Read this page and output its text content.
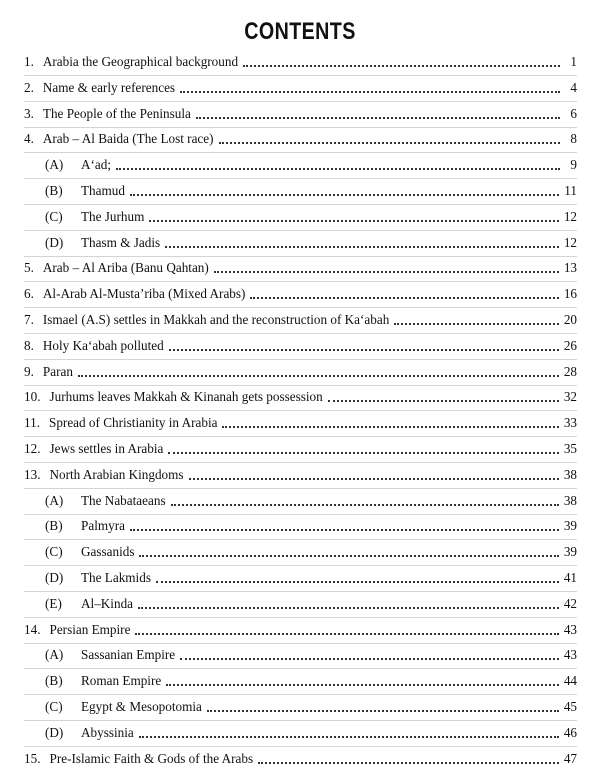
CONTENTS
1. Arabia the Geographical background	1
2. Name & early references	4
3. The People of the Peninsula	6
4. Arab – Al Baida (The Lost race)	8
(A)	A‘ad;	9
(B)	Thamud	11
(C)	The Jurhum	12
(D)	Thasm & Jadis	12
5. Arab – Al Ariba (Banu Qahtan)	13
6. Al-Arab Al-Musta’riba (Mixed Arabs)	16
7. Ismael (A.S) settles in Makkah and the reconstruction of Ka‘abah	20
8. Holy Ka‘abah polluted	26
9. Paran	28
10. Jurhums leaves Makkah & Kinanah gets possession	32
11. Spread of Christianity in Arabia	33
12. Jews settles in Arabia	35
13. North Arabian Kingdoms	38
(A)	The Nabataeans	38
(B)	Palmyra	39
(C)	Gassanids	39
(D)	The Lakmids	41
(E)	Al–Kinda	42
14. Persian Empire	43
(A)	Sassanian Empire	43
(B)	Roman Empire	44
(C)	Egypt & Mesopotomia	45
(D)	Abyssinia	46
15. Pre-Islamic Faith & Gods of the Arabs	47
